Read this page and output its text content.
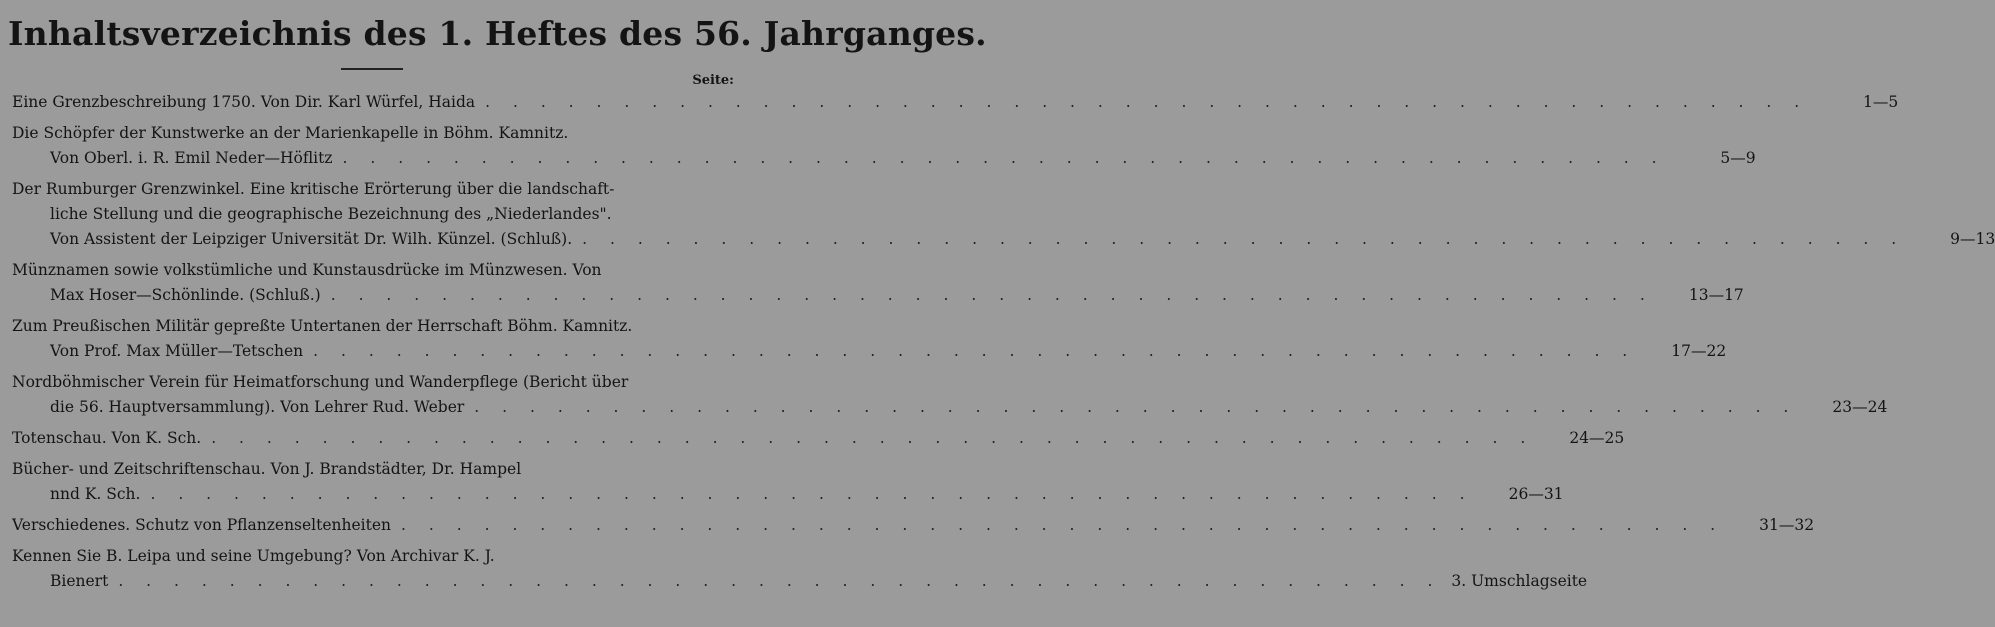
Inhaltsverzeichnis des 1. Heftes des 56. Jahrganges.
Seite:
Eine Grenzbeschreibung 1750. Von Dir. Karl Würfel, Haida . . . . . . . . . . . . . . . . . . . . . . . . . . . . . . . . . . . . . . . . . . . . . . . .	1—5
Die Schöpfer der Kunstwerke an der Marienkapelle in Böhm. Kamnitz.
Von Oberl. i. R. Emil Neder—Höflitz . . . . . . . . . . . . . . . . . . . . . . . . . . . . . . . . . . . . . . . . . . . . . . . .	5—9
Der Rumburger Grenzwinkel. Eine kritische Erörterung über die landschaft-
liche Stellung und die geographische Bezeichnung des „Niederlandes".
Von Assistent der Leipziger Universität Dr. Wilh. Künzel. (Schluß). . . . . . . . . . . . . . . . . . . . . . . . . . . . . . . . . . . . . . . . . . . . . . . . .	9—13
Münznamen sowie volkstümliche und Kunstausdrücke im Münzwesen. Von
Max Hoser—Schönlinde. (Schluß.) . . . . . . . . . . . . . . . . . . . . . . . . . . . . . . . . . . . . . . . . . . . . . . . .	13—17
Zum Preußischen Militär gepreßte Untertanen der Herrschaft Böhm. Kamnitz.
Von Prof. Max Müller—Tetschen . . . . . . . . . . . . . . . . . . . . . . . . . . . . . . . . . . . . . . . . . . . . . . . .	17—22
Nordböhmischer Verein für Heimatforschung und Wanderpflege (Bericht über
die 56. Hauptversammlung). Von Lehrer Rud. Weber . . . . . . . . . . . . . . . . . . . . . . . . . . . . . . . . . . . . . . . . . . . . . . . .	23—24
Totenschau. Von K. Sch. . . . . . . . . . . . . . . . . . . . . . . . . . . . . . . . . . . . . . . . . . . . . . . . .	24—25
Bücher- und Zeitschriftenschau. Von J. Brandstädter, Dr. Hampel
nnd K. Sch. . . . . . . . . . . . . . . . . . . . . . . . . . . . . . . . . . . . . . . . . . . . . . . . .	26—31
Verschiedenes. Schutz von Pflanzenseltenheiten . . . . . . . . . . . . . . . . . . . . . . . . . . . . . . . . . . . . . . . . . . . . . . . .	31—32
Kennen Sie B. Leipa und seine Umgebung? Von Archivar K. J.
Bienert . . . . . . . . . . . . . . . . . . . . . . . . . . . . . . . . . . . . . . . . . . . . . . . . 3. Umschlagseite
